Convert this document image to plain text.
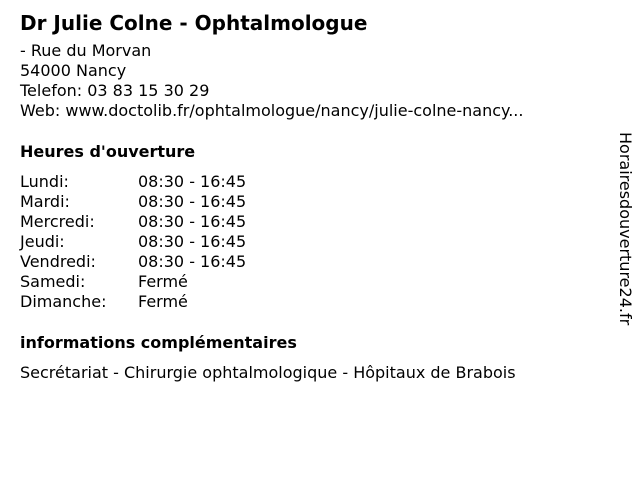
Dr Julie Colne - Ophtalmologue
- Rue du Morvan
54000 Nancy
Telefon: 03 83 15 30 29
Web: www.doctolib.fr/ophtalmologue/nancy/julie-colne-nancy...
Heures d'ouverture
Lundi:	08:30 - 16:45
Mardi:	08:30 - 16:45
Mercredi:	08:30 - 16:45
Jeudi:	08:30 - 16:45
Vendredi:	08:30 - 16:45
Samedi:	Fermé
Dimanche:	Fermé
informations complémentaires
Secrétariat - Chirurgie ophtalmologique - Hôpitaux de Brabois
Horairesdouverture24.fr
